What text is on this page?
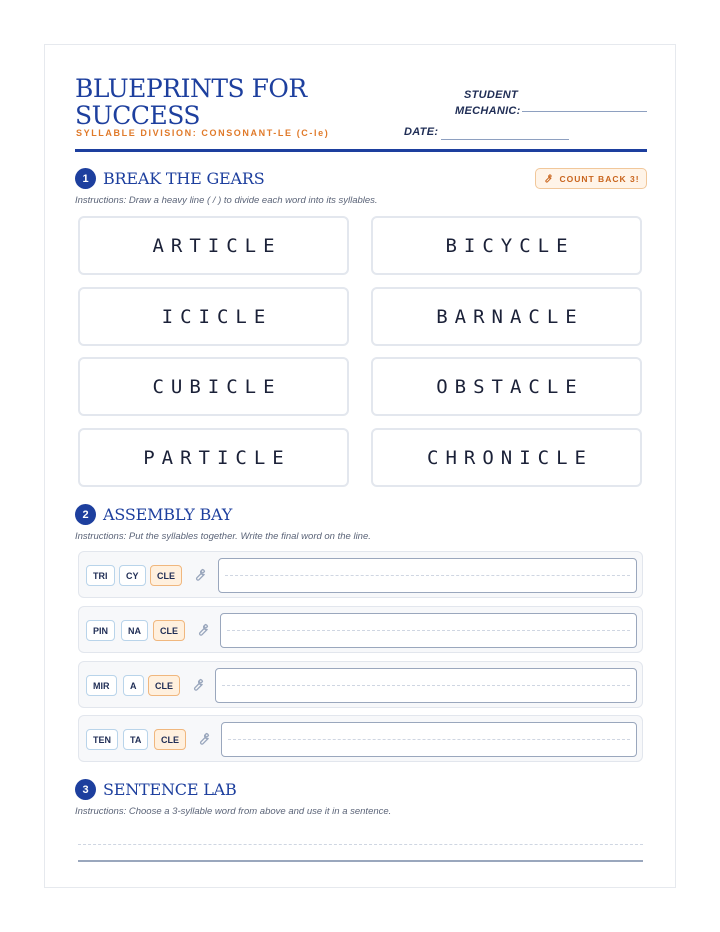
BLUEPRINTS FOR SUCCESS
SYLLABLE DIVISION: CONSONANT-LE (C-le)
STUDENT
MECHANIC:
DATE:
1 BREAK THE GEARS	COUNT BACK 3!
Instructions: Draw a heavy line ( / ) to divide each word into its syllables.
ARTICLE	BICYCLE
ICICLE	BARNACLE
CUBICLE	OBSTACLE
PARTICLE	CHRONICLE
2 ASSEMBLY BAY
Instructions: Put the syllables together. Write the final word on the line.
TRI	CY	CLE
PIN	NA	CLE
MIR	A	CLE
TEN	TA	CLE
3 SENTENCE LAB
Instructions: Choose a 3-syllable word from above and use it in a sentence.
